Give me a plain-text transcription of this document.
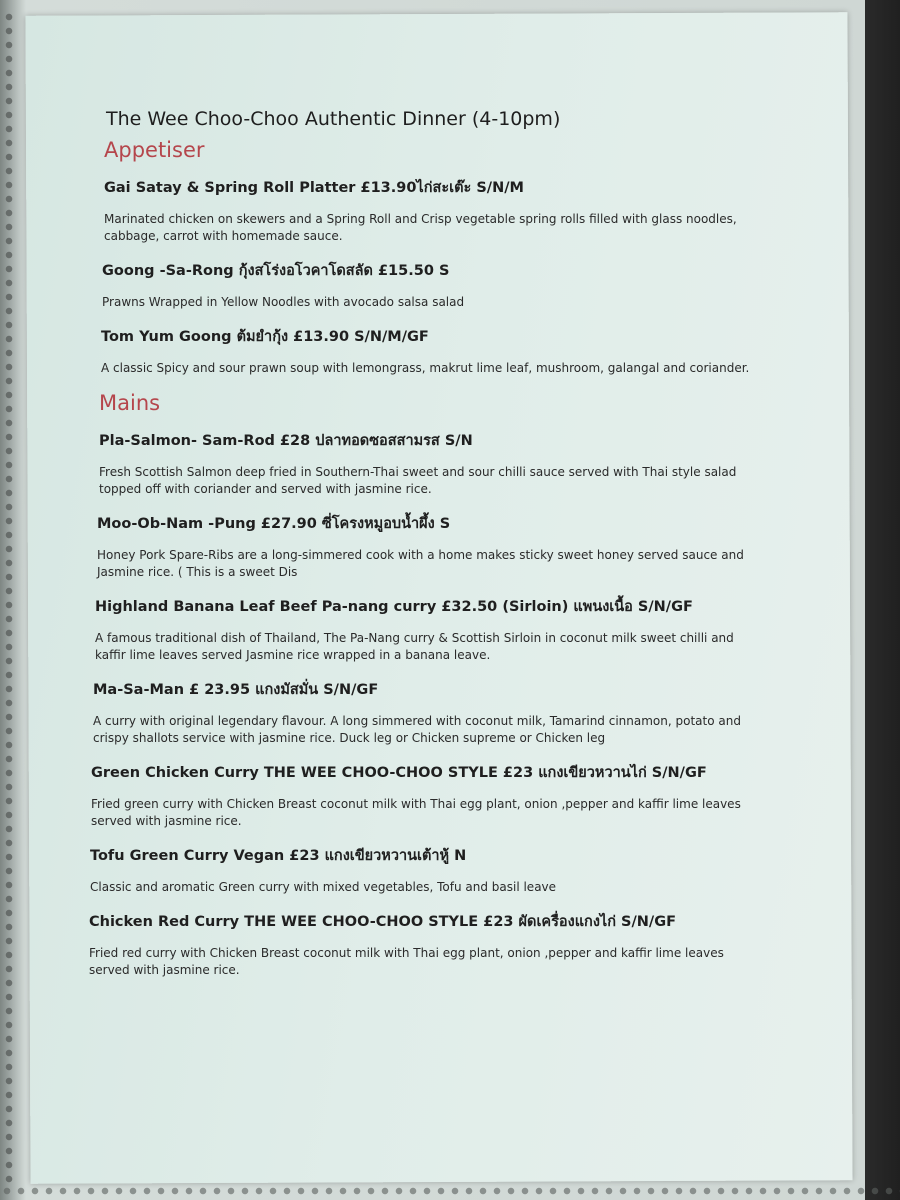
The Wee Choo-Choo Authentic Dinner (4-10pm)
Appetiser
Gai Satay & Spring Roll Platter £13.90ไก่สะเต๊ะ S/N/M
Marinated chicken on skewers and a Spring Roll and Crisp vegetable spring rolls filled with glass noodles, cabbage, carrot with homemade sauce.
Goong -Sa-Rong กุ้งสโร่งอโวคาโดสลัด £15.50 S
Prawns Wrapped in Yellow Noodles with avocado salsa salad
Tom Yum Goong ต้มยำกุ้ง £13.90 S/N/M/GF
A classic Spicy and sour prawn soup with lemongrass, makrut lime leaf, mushroom, galangal and coriander.
Mains
Pla-Salmon- Sam-Rod £28 ปลาทอดซอสสามรส S/N
Fresh Scottish Salmon deep fried in Southern-Thai sweet and sour chilli sauce served with Thai style salad topped off with coriander and served with jasmine rice.
Moo-Ob-Nam -Pung £27.90 ซี่โครงหมูอบน้ำผึ้ง S
Honey Pork Spare-Ribs are a long-simmered cook with a home makes sticky sweet honey served sauce and Jasmine rice. ( This is a sweet Dis
Highland Banana Leaf Beef Pa-nang curry £32.50 (Sirloin) แพนงเนื้อ S/N/GF
A famous traditional dish of Thailand, The Pa-Nang curry & Scottish Sirloin in coconut milk sweet chilli and kaffir lime leaves served Jasmine rice wrapped in a banana leave.
Ma-Sa-Man £ 23.95 แกงมัสมั่น S/N/GF
A curry with original legendary flavour. A long simmered with coconut milk, Tamarind cinnamon, potato and crispy shallots service with jasmine rice. Duck leg or Chicken supreme or Chicken leg
Green Chicken Curry THE WEE CHOO-CHOO STYLE £23 แกงเขียวหวานไก่ S/N/GF
Fried green curry with Chicken Breast coconut milk with Thai egg plant, onion ,pepper and kaffir lime leaves served with jasmine rice.
Tofu Green Curry Vegan £23 แกงเขียวหวานเต้าหู้ N
Classic and aromatic Green curry with mixed vegetables, Tofu and basil leave
Chicken Red Curry THE WEE CHOO-CHOO STYLE £23 ผัดเครื่องแกงไก่ S/N/GF
Fried red curry with Chicken Breast coconut milk with Thai egg plant, onion ,pepper and kaffir lime leaves served with jasmine rice.
